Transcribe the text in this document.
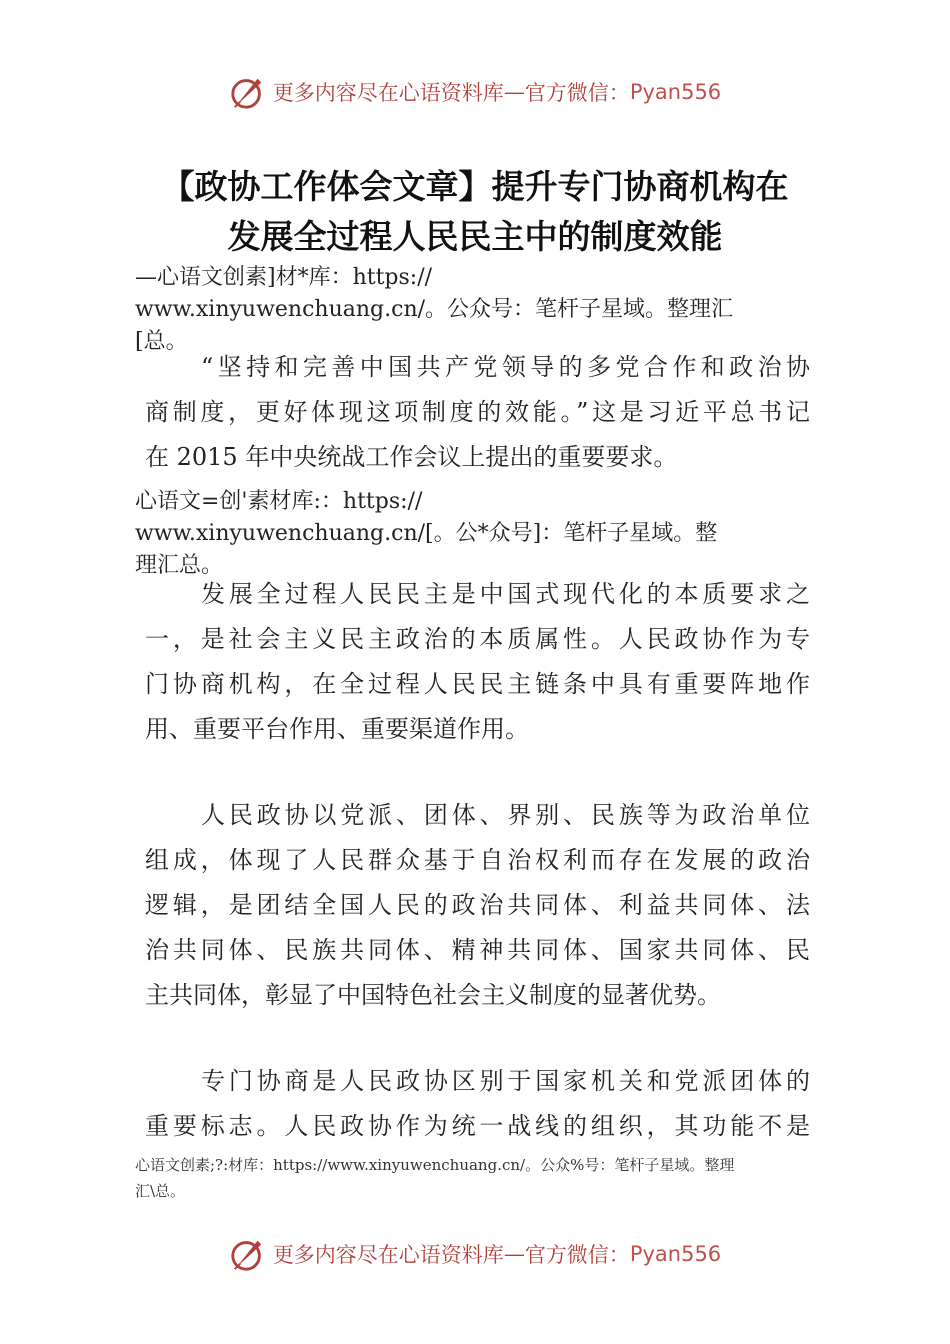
更多内容尽在心语资料库 — 官方微信： Pyan556
【政协工作体会文章】提升专门协商机构在
发展全过程人民民主中的制度效能
—心语文创素]材*库：https://
www.xinyuwenchuang.cn/。公众号：笔杆子星域。整理汇
[总。
“坚持和完善中国共产党领导的多党合作和政治协
商制度，更好体现这项制度的效能。”这是习近平总书记
在 2015 年中央统战工作会议上提出的重要要求。
心语文=创'素材库:：https://
www.xinyuwenchuang.cn/[。公*众号]：笔杆子星域。整
理汇总。
发展全过程人民民主是中国式现代化的本质要求之
一，是社会主义民主政治的本质属性。人民政协作为专
门协商机构，在全过程人民民主链条中具有重要阵地作
用、重要平台作用、重要渠道作用。
人民政协以党派、团体、界别、民族等为政治单位
组成，体现了人民群众基于自治权利而存在发展的政治
逻辑，是团结全国人民的政治共同体、利益共同体、法
治共同体、民族共同体、精神共同体、国家共同体、民
主共同体，彰显了中国特色社会主义制度的显著优势。
专门协商是人民政协区别于国家机关和党派团体的
重要标志。人民政协作为统一战线的组织，其功能不是
心语文创素;?:材库：https://www.xinyuwenchuang.cn/。公众%号：笔杆子星域。整理
汇\总。
更多内容尽在心语资料库 — 官方微信： Pyan556
